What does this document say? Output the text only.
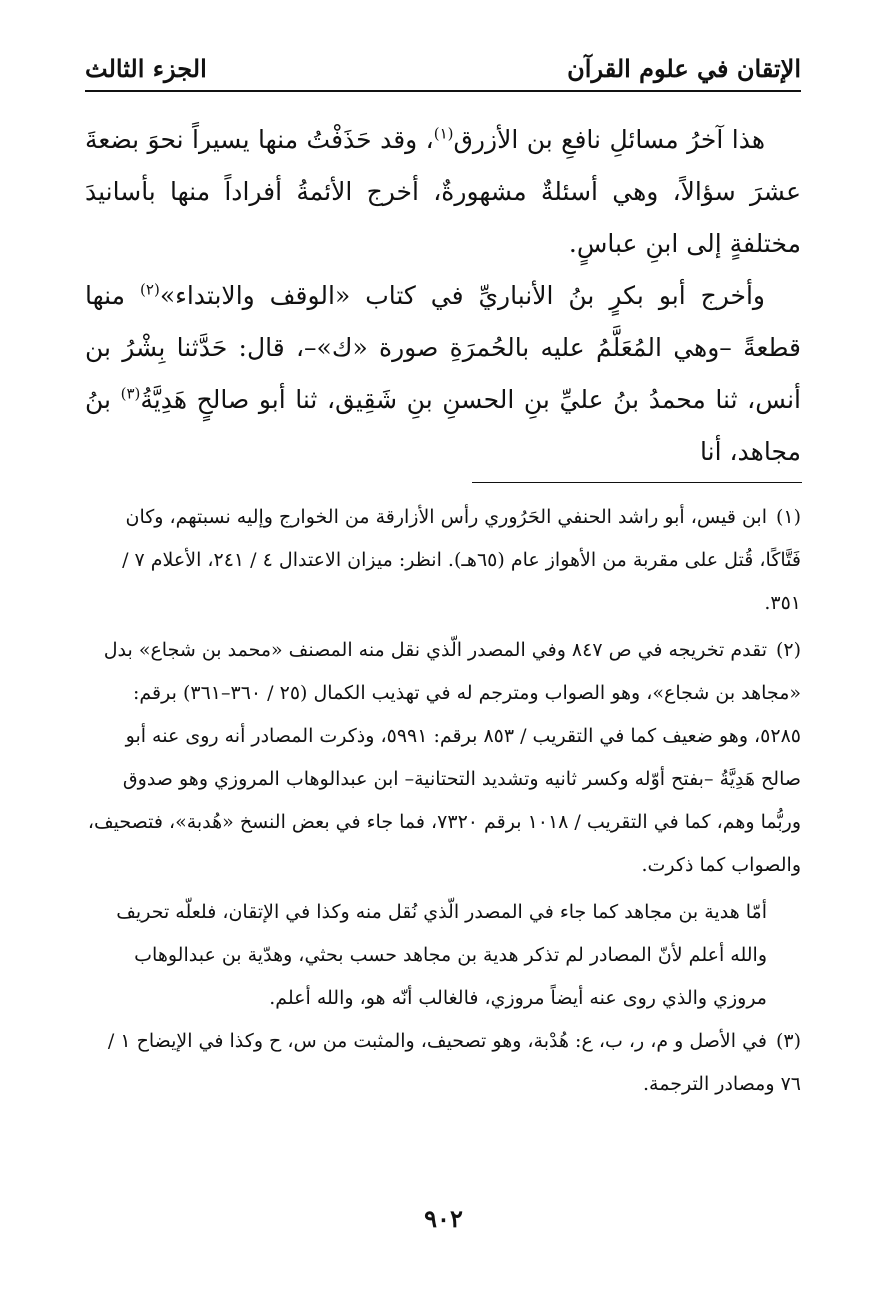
الإتقان في علوم القرآن
الجزء الثالث

هذا آخرُ مسائلِ نافعِ بن الأزرق$^{(١)}$، وقد حَذَفْتُ منها يسيراً نحوَ بضعةَ عشرَ سؤالاً، وهي أسئلةٌ مشهورةٌ، أخرج الأئمةُ أفراداً منها بأسانيدَ مختلفةٍ إلى ابنِ عباسٍ.

وأخرج أبو بكرٍ بنُ الأنباريِّ في كتاب «الوقف والابتداء»$^{(٢)}$ منها قطعةً –وهي المُعَلَّمُ عليه بالحُمرَةِ صورة «ك»–، قال: حَدَّثنا بِشْرُ بن أنس، ثنا محمدُ بنُ عليِّ بنِ الحسنِ بنِ شَقِيق، ثنا أبو صالحٍ هَدِيَّةُ$^{(٣)}$ بنُ مجاهد، أنا

(١)ابن قيس، أبو راشد الحنفي الحَرُوري رأس الأزارقة من الخوارج وإليه نسبتهم، وكان فَتَّاكًا، قُتل على مقربة من الأهواز عام (٦٥هـ). انظر: ميزان الاعتدال ٤ / ٢٤١، الأعلام ٧ / ٣٥١.

(٢)تقدم تخريجه في ص ٨٤٧ وفي المصدر الّذي نقل منه المصنف «محمد بن شجاع» بدل «مجاهد بن شجاع»، وهو الصواب ومترجم له في تهذيب الكمال (٢٥ / ٣٦٠–٣٦١) برقم: ٥٢٨٥، وهو ضعيف كما في التقريب / ٨٥٣ برقم: ٥٩٩١، وذكرت المصادر أنه روى عنه أبو صالح هَدِيَّةُ –بفتح أوّله وكسر ثانيه وتشديد التحتانية– ابن عبدالوهاب المروزي وهو صدوق وربُّما وهم، كما في التقريب / ١٠١٨ برقم ٧٣٢٠، فما جاء في بعض النسخ «هُدبة»، فتصحيف، والصواب كما ذكرت.

أمّا هدية بن مجاهد كما جاء في المصدر الّذي نُقل منه وكذا في الإتقان، فلعلّه تحريف والله أعلم لأنّ المصادر لم تذكر هدية بن مجاهد حسب بحثي، وهدّية بن عبدالوهاب مروزي والذي روى عنه أيضاً مروزي، فالغالب أنّه هو، والله أعلم.

(٣)في الأصل و م، ر، ب، ع: هُدْبة، وهو تصحيف، والمثبت من س، ح وكذا في الإيضاح ١ / ٧٦ ومصادر الترجمة.

٩٠٢
